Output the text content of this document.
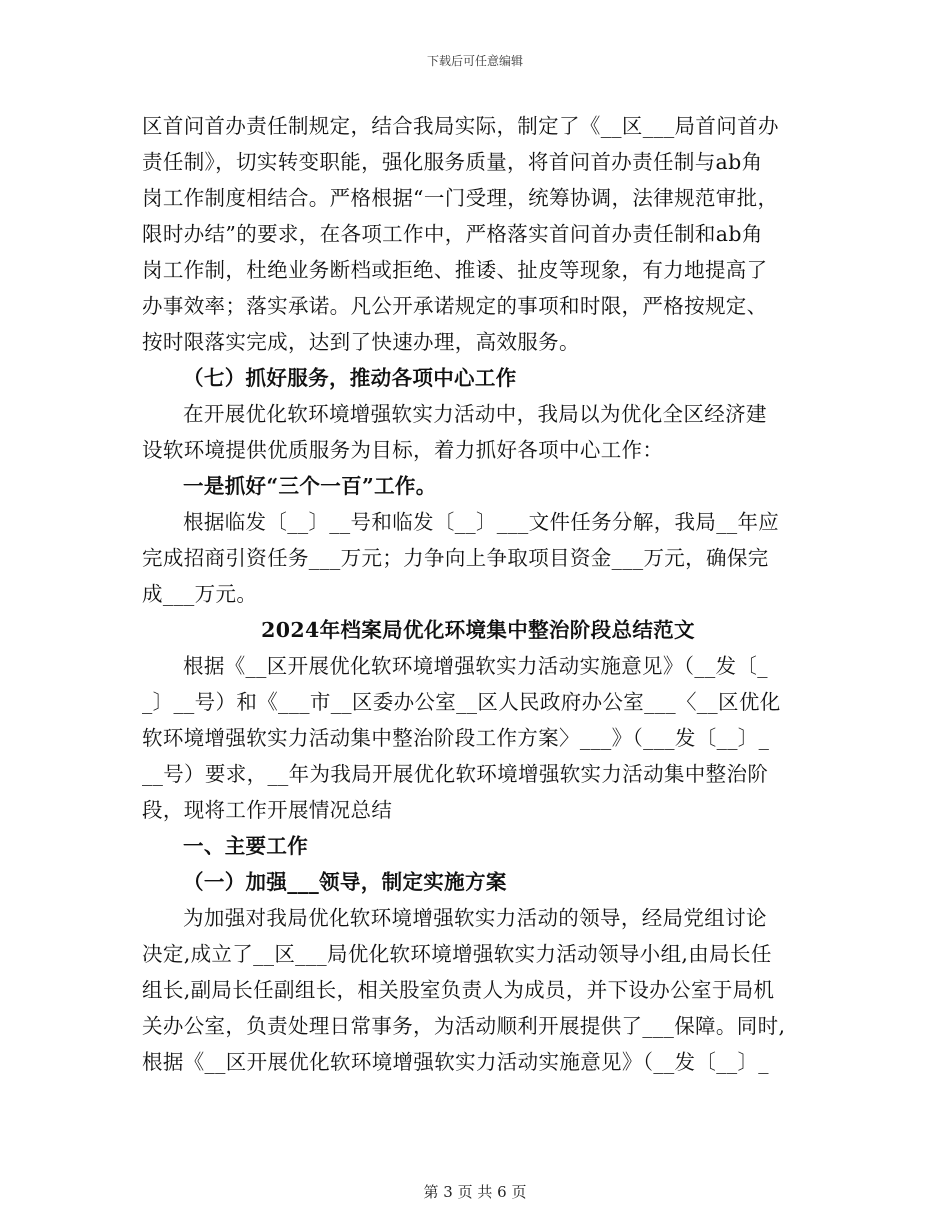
下载后可任意编辑
区首问首办责任制规定，结合我局实际，制定了《__区___局首问首办
责任制》，切实转变职能，强化服务质量，将首问首办责任制与ab角
岗工作制度相结合。严格根据“一门受理，统筹协调，法律规范审批，
限时办结”的要求，在各项工作中，严格落实首问首办责任制和ab角
岗工作制，杜绝业务断档或拒绝、推诿、扯皮等现象，有力地提高了
办事效率；落实承诺。凡公开承诺规定的事项和时限，严格按规定、
按时限落实完成，达到了快速办理，高效服务。
（七）抓好服务，推动各项中心工作
在开展优化软环境增强软实力活动中，我局以为优化全区经济建
设软环境提供优质服务为目标，着力抓好各项中心工作：
一是抓好“三个一百”工作。
根据临发〔__〕__号和临发〔__〕___文件任务分解，我局__年应
完成招商引资任务___万元；力争向上争取项目资金___万元，确保完
成___万元。
2024年档案局优化环境集中整治阶段总结范文
根据《__区开展优化软环境增强软实力活动实施意见》（__发〔_
_〕__号）和《___市__区委办公室__区人民政府办公室___〈__区优化
软环境增强软实力活动集中整治阶段工作方案〉___》（___发〔__〕_
__号）要求，__年为我局开展优化软环境增强软实力活动集中整治阶
段，现将工作开展情况总结
一、主要工作
（一）加强___领导，制定实施方案
为加强对我局优化软环境增强软实力活动的领导，经局党组讨论
决定,成立了__区___局优化软环境增强软实力活动领导小组,由局长任
组长,副局长任副组长，相关股室负责人为成员，并下设办公室于局机
关办公室，负责处理日常事务，为活动顺利开展提供了___保障。同时,
根据《__区开展优化软环境增强软实力活动实施意见》（__发〔__〕_
第 3 页 共 6 页
